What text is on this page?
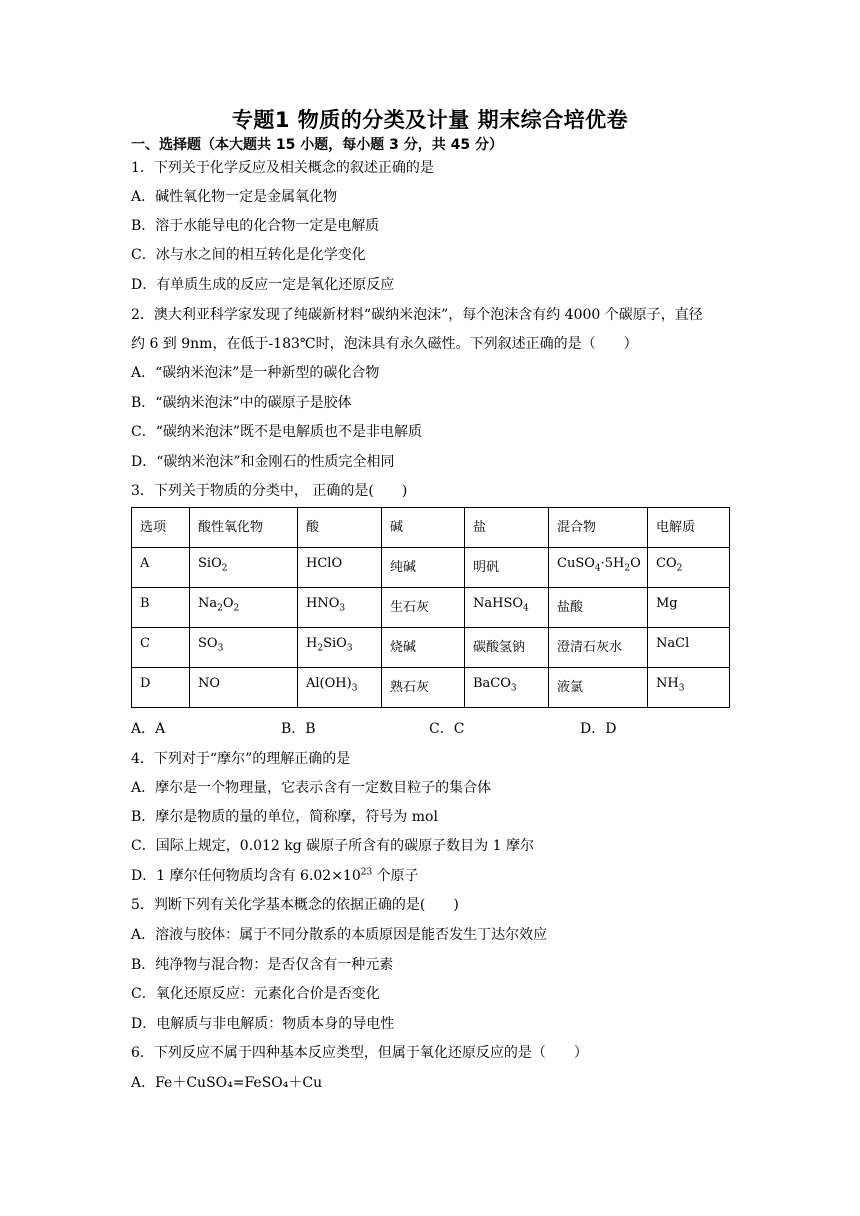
专题1 物质的分类及计量 期末综合培优卷
一、选择题（本大题共 15 小题，每小题 3 分，共 45 分）
1．下列关于化学反应及相关概念的叙述正确的是
A．碱性氧化物一定是金属氧化物
B．溶于水能导电的化合物一定是电解质
C．冰与水之间的相互转化是化学变化
D．有单质生成的反应一定是氧化还原反应
2．澳大利亚科学家发现了纯碳新材料“碳纳米泡沫”，每个泡沫含有约 4000 个碳原子，直径
约 6 到 9nm，在低于-183℃时，泡沫具有永久磁性。下列叙述正确的是（　　）
A．“碳纳米泡沫”是一种新型的碳化合物
B．“碳纳米泡沫”中的碳原子是胶体
C．“碳纳米泡沫”既不是电解质也不是非电解质
D．“碳纳米泡沫”和金刚石的性质完全相同
3．下列关于物质的分类中， 正确的是(　　)
选项	酸性氧化物	酸	碱	盐	混合物	电解质
A	SiO$_2$	HClO	纯碱	明矾	$CuSO_4\cdot 5H_2O$	$CO_2$
B	$Na_2O_2$	$HNO_3$	生石灰	NaHSO$_4$	盐酸	Mg
C	$SO_3$	$H_2SiO_3$	烧碱	碳酸氢钠	澄清石灰水	NaCl
D	NO	$Al(OH)_3$	熟石灰	BaCO$_3$	液氯	$NH_3$
A．A	B．B	C．C	D．D
4．下列对于“摩尔”的理解正确的是
A．摩尔是一个物理量，它表示含有一定数目粒子的集合体
B．摩尔是物质的量的单位，简称摩，符号为 mol
C．国际上规定，0.012 kg 碳原子所含有的碳原子数目为 1 摩尔
D．1 摩尔任何物质均含有 $6.02\times 10^{23}$ 个原子
5．判断下列有关化学基本概念的依据正确的是(　　)
A．溶液与胶体：属于不同分散系的本质原因是能否发生丁达尔效应
B．纯净物与混合物：是否仅含有一种元素
C．氧化还原反应：元素化合价是否变化
D．电解质与非电解质：物质本身的导电性
6．下列反应不属于四种基本反应类型，但属于氧化还原反应的是（　　）
A．Fe＋CuSO₄=FeSO₄＋Cu
